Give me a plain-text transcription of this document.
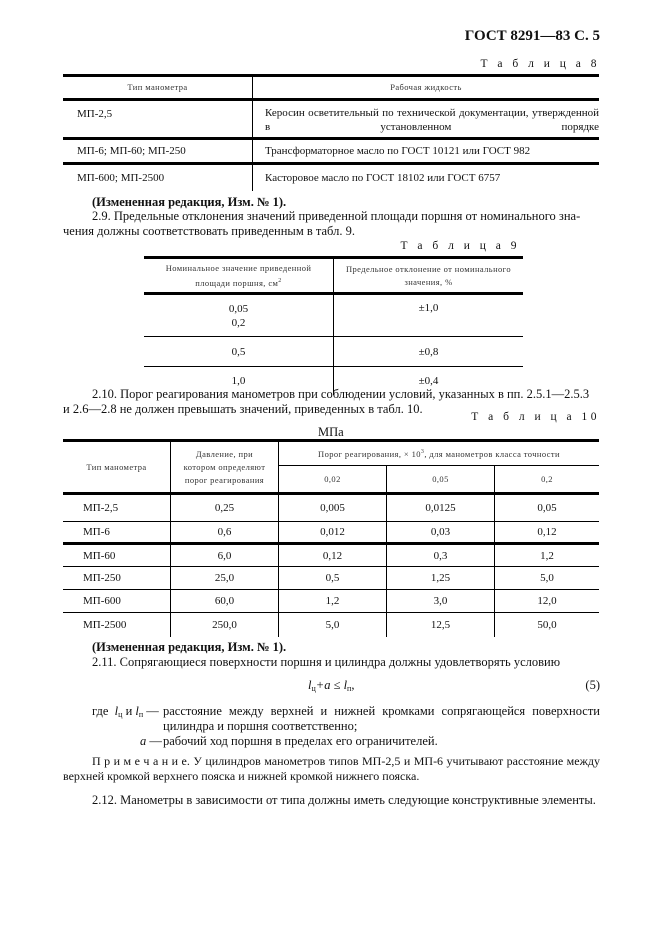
ГОСТ 8291—83 С. 5
Т а б л и ц а 8
Тип манометра	Рабочая жидкость
МП-2,5	Керосин осветительный по технической документации, утвержденной в установленном порядке

МП-6; МП-60; МП-250	Трансформаторное масло по ГОСТ 10121 или ГОСТ 982
МП-600; МП-2500	Касторовое масло по ГОСТ 18102 или ГОСТ 6757
(Измененная редакция, Изм. № 1).
2.9. Предельные отклонения значений приведенной площади поршня от номинального зна-
чения должны соответствовать приведенным в табл. 9.
Т а б л и ц а 9
Номинальное значение приведенной
площади поршня, $см^2$	Предельное отклонение от номинального
значения, %
0,05
0,2	±1,0
0,5	±0,8
1,0	±0,4
2.10. Порог реагирования манометров при соблюдении условий, указанных в пп. 2.5.1—2.5.3
и 2.6—2.8 не должен превышать значений, приведенных в табл. 10.
Т а б л и ц а 10
МПа
Тип манометра	Давление, при
котором определяют
порог реагирования	Порог реагирования, × $10^3$, для манометров класса точности		
		0,02	0,05	0,2
МП-2,5	0,25	0,005	0,0125	0,05
МП-6	0,6	0,012	0,03	0,12
МП-60	6,0	0,12	0,3	1,2
МП-250	25,0	0,5	1,25	5,0
МП-600	60,0	1,2	3,0	12,0
МП-2500	250,0	5,0	12,5	50,0
(Измененная редакция, Изм. № 1).
2.11. Сопрягающиеся поверхности поршня и цилиндра должны удовлетворять условию
$l_ц+a \le l_п$,	(5)
где $l_ц$ и $l_п$ — расстояние между верхней и нижней кромками сопрягающейся поверхности
цилиндра и поршня соответственно;
a — рабочий ход поршня в пределах его ограничителей.
П р и м е ч а н и е. У цилиндров манометров типов МП-2,5 и МП-6 учитывают расстояние между
верхней кромкой верхнего пояска и нижней кромкой нижнего пояска.
2.12. Манометры в зависимости от типа должны иметь следующие конструктивные элементы.
